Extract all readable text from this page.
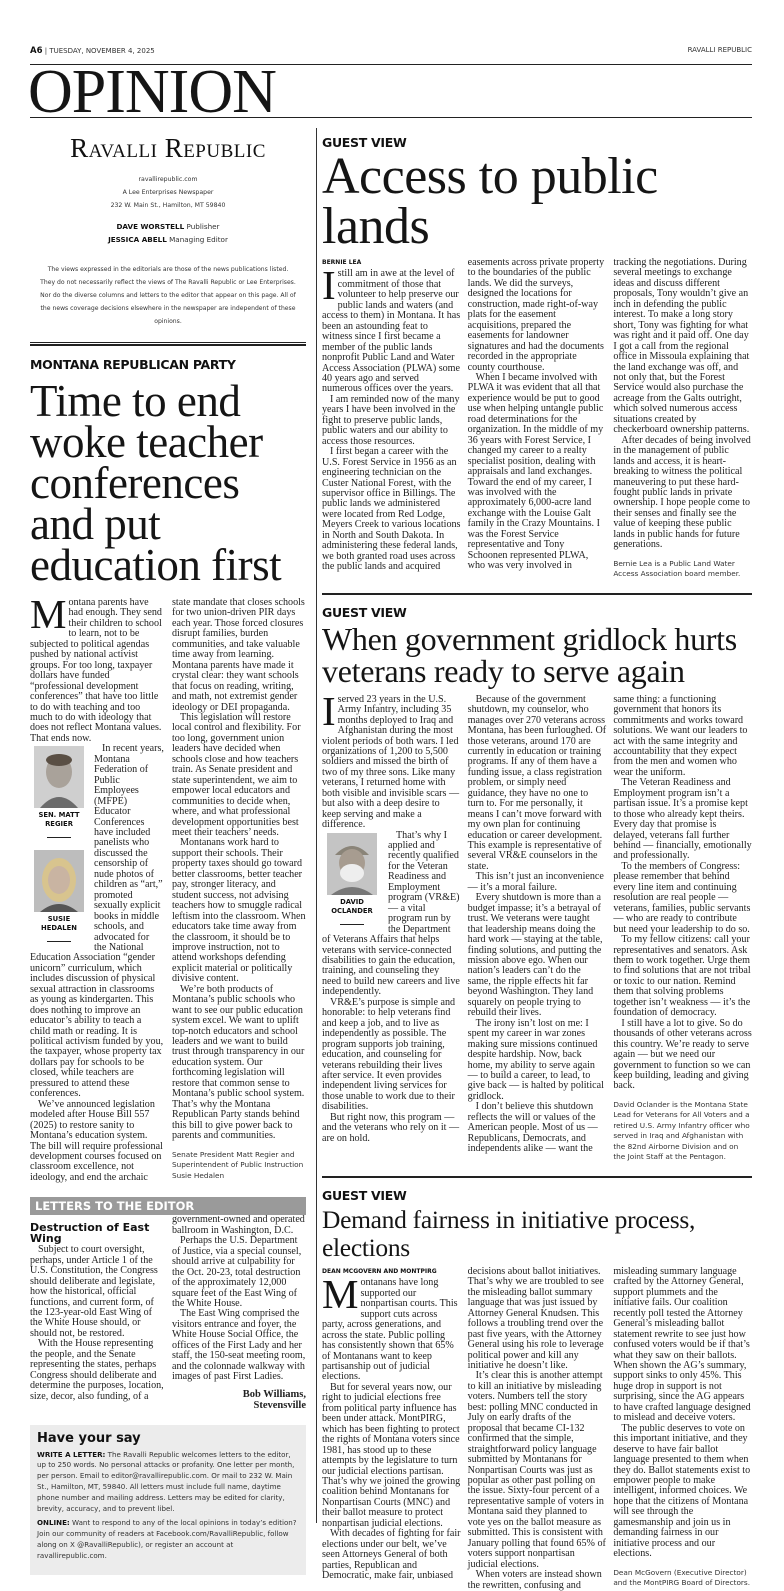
A6 | TUESDAY, NOVEMBER 4, 2025	RAVALLI REPUBLIC
OPINION
Ravalli Republic
ravallirepublic.com
A Lee Enterprises Newspaper
232 W. Main St., Hamilton, MT 59840
DAVE WORSTELL Publisher
JESSICA ABELL Managing Editor
The views expressed in the editorials are those of the news publications listed. They do not necessarily reflect the views of The Ravalli Republic or Lee Enterprises. Nor do the diverse columns and letters to the editor that appear on this page. All of the news coverage decisions elsewhere in the newspaper are independent of these opinions.
MONTANA REPUBLICAN PARTY
Time to end woke teacher conferences and put education first

Montana parents have had enough. They send their children to school to learn, not to be subjected to political agendas pushed by national activist groups. For too long, taxpayer dollars have funded “professional development conferences” that have too little to do with teaching and too much to do with ideology that does not reflect Montana values. That ends now.

SEN. MATT REGIER
SUSIE HEDALEN

In recent years, Montana Federation of Public Employees (MFPE) Educator Conferences have included panelists who discussed the censorship of nude photos of children as “art,” promoted sexually explicit books in middle schools, and advocated for the National Education Association “gender unicorn” curriculum, which includes discussion of physical sexual attraction in classrooms as young as kindergarten. This does nothing to improve an educator’s ability to teach a child math or reading. It is political activism funded by you, the taxpayer, whose property tax dollars pay for schools to be closed, while teachers are pressured to attend these conferences.

We’ve announced legislation modeled after House Bill 557 (2025) to restore sanity to Montana’s education system. The bill will require professional development courses focused on classroom excellence, not ideology, and end the archaic state mandate that closes schools for two union-driven PIR days each year. Those forced closures disrupt families, burden communities, and take valuable time away from learning. Montana parents have made it crystal clear: they want schools that focus on reading, writing, and math, not extremist gender ideology or DEI propaganda.

This legislation will restore local control and flexibility. For too long, government union leaders have decided when schools close and how teachers train. As Senate president and state superintendent, we aim to empower local educators and communities to decide when, where, and what professional development opportunities best meet their teachers’ needs.

Montanans work hard to support their schools. Their property taxes should go toward better classrooms, better teacher pay, stronger literacy, and student success, not advising teachers how to smuggle radical leftism into the classroom. When educators take time away from the classroom, it should be to improve instruction, not to attend workshops defending explicit material or politically divisive content.

We’re both products of Montana’s public schools who want to see our public education system excel. We want to uplift top-notch educators and school leaders and we want to build trust through transparency in our education system. Our forthcoming legislation will restore that common sense to Montana’s public school system. That’s why the Montana Republican Party stands behind this bill to give power back to parents and communities.

Senate President Matt Regier and Superintendent of Public Instruction Susie Hedalen

LETTERS TO THE EDITOR
Destruction of East Wing

Subject to court oversight, perhaps, under Article 1 of the U.S. Constitution, the Congress should deliberate and legislate, how the historical, official functions, and current form, of the 123-year-old East Wing of the White House should, or should not, be restored.

With the House representing the people, and the Senate representing the states, perhaps Congress should deliberate and determine the purposes, location, size, decor, also funding, of a government-owned and operated ballroom in Washington, D.C.

Perhaps the U.S. Department of Justice, via a special counsel, should arrive at culpability for the Oct. 20-23, total destruction of the approximately 12,000 square feet of the East Wing of the White House.

The East Wing comprised the visitors entrance and foyer, the White House Social Office, the offices of the First Lady and her staff, the 150-seat meeting room, and the colonnade walkway with images of past First Ladies.

Bob Williams,
Stevensville
Have your say

WRITE A LETTER: The Ravalli Republic welcomes letters to the editor, up to 250 words. No personal attacks or profanity. One letter per month, per person. Email to editor@ravallirepublic.com. Or mail to 232 W. Main St., Hamilton, MT, 59840. All letters must include full name, daytime phone number and mailing address. Letters may be edited for clarity, brevity, accuracy, and to prevent libel.

ONLINE: Want to respond to any of the local opinions in today’s edition? Join our community of readers at Facebook.com/RavalliRepublic, follow along on X @RavalliRepublic), or register an account at ravallirepublic.com.

GUEST VIEW
Access to public lands
BERNIE LEA

Istill am in awe at the level of commitment of those that volunteer to help preserve our public lands and waters (and access to them) in Montana. It has been an astounding feat to witness since I first became a member of the public lands nonprofit Public Land and Water Access Association (PLWA) some 40 years ago and served numerous offices over the years.

I am reminded now of the many years I have been involved in the fight to preserve public lands, public waters and our ability to access those resources.

I first began a career with the U.S. Forest Service in 1956 as an engineering technician on the Custer National Forest, with the supervisor office in Billings. The public lands we administered were located from Red Lodge, Meyers Creek to various locations in North and South Dakota. In administering these federal lands, we both granted road uses across the public lands and acquired easements across private property to the boundaries of the public lands. We did the surveys, designed the locations for construction, made right-of-way plats for the easement acquisitions, prepared the easements for landowner signatures and had the documents recorded in the appropriate county courthouse.

When I became involved with PLWA it was evident that all that experience would be put to good use when helping untangle public road determinations for the organization. In the middle of my 36 years with Forest Service, I changed my career to a realty specialist position, dealing with appraisals and land exchanges. Toward the end of my career, I was involved with the approximately 6,000-acre land exchange with the Louise Galt family in the Crazy Mountains. I was the Forest Service representative and Tony Schoonen represented PLWA, who was very involved in tracking the negotiations. During several meetings to exchange ideas and discuss different proposals, Tony wouldn’t give an inch in defending the public interest. To make a long story short, Tony was fighting for what was right and it paid off. One day I got a call from the regional office in Missoula explaining that the land exchange was off, and not only that, but the Forest Service would also purchase the acreage from the Galts outright, which solved numerous access situations created by checkerboard ownership patterns.

After decades of being involved in the management of public lands and access, it is heart-breaking to witness the political maneuvering to put these hard-fought public lands in private ownership. I hope people come to their senses and finally see the value of keeping these public lands in public hands for future generations.

Bernie Lea is a Public Land Water Access Association board member.

GUEST VIEW
When government gridlock hurts veterans ready to serve again

Iserved 23 years in the U.S. Army Infantry, including 35 months deployed to Iraq and Afghanistan during the most violent periods of both wars. I led organizations of 1,200 to 5,500 soldiers and missed the birth of two of my three sons. Like many veterans, I returned home with both visible and invisible scars — but also with a deep desire to keep serving and make a difference.

DAVID OCLANDER

That’s why I applied and recently qualified for the Veteran Readiness and Employment program (VR&E) — a vital program run by the Department of Veterans Affairs that helps veterans with service-connected disabilities to gain the education, training, and counseling they need to build new careers and live independently.

VR&E’s purpose is simple and honorable: to help veterans find and keep a job, and to live as independently as possible. The program supports job training, education, and counseling for veterans rebuilding their lives after service. It even provides independent living services for those unable to work due to their disabilities.

But right now, this program — and the veterans who rely on it — are on hold.

Because of the government shutdown, my counselor, who manages over 270 veterans across Montana, has been furloughed. Of those veterans, around 170 are currently in education or training programs. If any of them have a funding issue, a class registration problem, or simply need guidance, they have no one to turn to. For me personally, it means I can’t move forward with my own plan for continuing education or career development. This example is representative of several VR&E counselors in the state.

This isn’t just an inconvenience — it’s a moral failure.

Every shutdown is more than a budget impasse; it’s a betrayal of trust. We veterans were taught that leadership means doing the hard work — staying at the table, finding solutions, and putting the mission above ego. When our nation’s leaders can’t do the same, the ripple effects hit far beyond Washington. They land squarely on people trying to rebuild their lives.

The irony isn’t lost on me: I spent my career in war zones making sure missions continued despite hardship. Now, back home, my ability to serve again — to build a career, to lead, to give back — is halted by political gridlock.

I don’t believe this shutdown reflects the will or values of the American people. Most of us — Republicans, Democrats, and independents alike — want the same thing: a functioning government that honors its commitments and works toward solutions. We want our leaders to act with the same integrity and accountability that they expect from the men and women who wear the uniform.

The Veteran Readiness and Employment program isn’t a partisan issue. It’s a promise kept to those who already kept theirs. Every day that promise is delayed, veterans fall further behind — financially, emotionally and professionally.

To the members of Congress: please remember that behind every line item and continuing resolution are real people — veterans, families, public servants — who are ready to contribute but need your leadership to do so.

To my fellow citizens: call your representatives and senators. Ask them to work together. Urge them to find solutions that are not tribal or toxic to our nation. Remind them that solving problems together isn’t weakness — it’s the foundation of democracy.

I still have a lot to give. So do thousands of other veterans across this country. We’re ready to serve again — but we need our government to function so we can keep building, leading and giving back.

David Oclander is the Montana State Lead for Veterans for All Voters and a retired U.S. Army Infantry officer who served in Iraq and Afghanistan with the 82nd Airborne Division and on the Joint Staff at the Pentagon.

GUEST VIEW
Demand fairness in initiative process, elections
DEAN MCGOVERN AND MONTPIRG

Montanans have long supported our nonpartisan courts. This support cuts across party, across generations, and across the state. Public polling has consistently shown that 65% of Montanans want to keep partisanship out of judicial elections.

But for several years now, our right to judicial elections free from political party influence has been under attack. MontPIRG, which has been fighting to protect the rights of Montana voters since 1981, has stood up to these attempts by the legislature to turn our judicial elections partisan. That’s why we joined the growing coalition behind Montanans for Nonpartisan Courts (MNC) and their ballot measure to protect nonpartisan judicial elections.

With decades of fighting for fair elections under our belt, we’ve seen Attorneys General of both parties, Republican and Democratic, make fair, unbiased decisions about ballot initiatives. That’s why we are troubled to see the misleading ballot summary language that was just issued by Attorney General Knudsen. This follows a troubling trend over the past five years, with the Attorney General using his role to leverage political power and kill any initiative he doesn’t like.

It’s clear this is another attempt to kill an initiative by misleading voters. Numbers tell the story best: polling MNC conducted in July on early drafts of the proposal that became CI-132 confirmed that the simple, straightforward policy language submitted by Montanans for Nonpartisan Courts was just as popular as other past polling on the issue. Sixty-four percent of a representative sample of voters in Montana said they planned to vote yes on the ballot measure as submitted. This is consistent with January polling that found 65% of voters support nonpartisan judicial elections.

When voters are instead shown the rewritten, confusing and misleading summary language crafted by the Attorney General, support plummets and the initiative fails. Our coalition recently poll tested the Attorney General’s misleading ballot statement rewrite to see just how confused voters would be if that’s what they saw on their ballots. When shown the AG’s summary, support sinks to only 45%. This huge drop in support is not surprising, since the AG appears to have crafted language designed to mislead and deceive voters.

The public deserves to vote on this important initiative, and they deserve to have fair ballot language presented to them when they do. Ballot statements exist to empower people to make intelligent, informed choices. We hope that the citizens of Montana will see through the gamesmanship and join us in demanding fairness in our initiative process and our elections.

Dean McGovern (Executive Director) and the MontPIRG Board of Directors.
